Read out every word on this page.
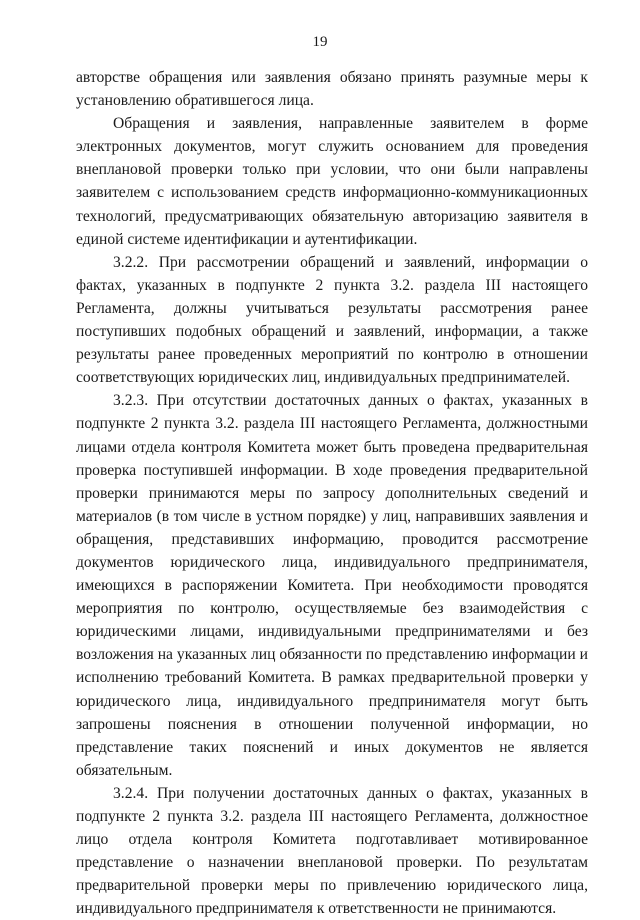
19

авторстве обращения или заявления обязано принять разумные меры к установлению обратившегося лица.

Обращения и заявления, направленные заявителем в форме электронных документов, могут служить основанием для проведения внеплановой проверки только при условии, что они были направлены заявителем с использованием средств информационно-коммуникационных технологий, предусматривающих обязательную авторизацию заявителя в единой системе идентификации и аутентификации.

3.2.2. При рассмотрении обращений и заявлений, информации о фактах, указанных в подпункте 2 пункта 3.2. раздела III настоящего Регламента, должны учитываться результаты рассмотрения ранее поступивших подобных обращений и заявлений, информации, а также результаты ранее проведенных мероприятий по контролю в отношении соответствующих юридических лиц, индивидуальных предпринимателей.

3.2.3. При отсутствии достаточных данных о фактах, указанных в подпункте 2 пункта 3.2. раздела III настоящего Регламента, должностными лицами отдела контроля Комитета может быть проведена предварительная проверка поступившей информации. В ходе проведения предварительной проверки принимаются меры по запросу дополнительных сведений и материалов (в том числе в устном порядке) у лиц, направивших заявления и обращения, представивших информацию, проводится рассмотрение документов юридического лица, индивидуального предпринимателя, имеющихся в распоряжении Комитета. При необходимости проводятся мероприятия по контролю, осуществляемые без взаимодействия с юридическими лицами, индивидуальными предпринимателями и без возложения на указанных лиц обязанности по представлению информации и исполнению требований Комитета. В рамках предварительной проверки у юридического лица, индивидуального предпринимателя могут быть запрошены пояснения в отношении полученной информации, но представление таких пояснений и иных документов не является обязательным.

3.2.4. При получении достаточных данных о фактах, указанных в подпункте 2 пункта 3.2. раздела III настоящего Регламента, должностное лицо отдела контроля Комитета подготавливает мотивированное представление о назначении внеплановой проверки. По результатам предварительной проверки меры по привлечению юридического лица, индивидуального предпринимателя к ответственности не принимаются.
